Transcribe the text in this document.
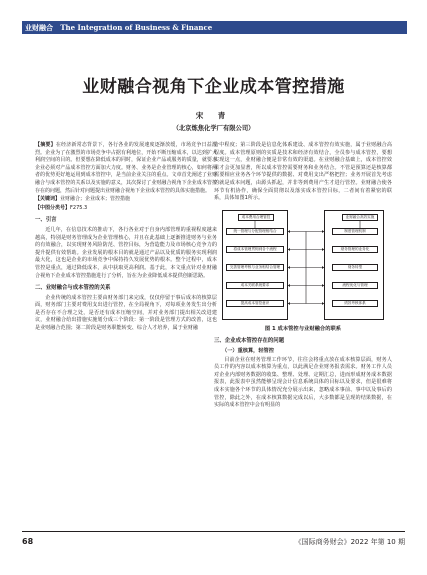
业财融合 The Integration of Business & Finance
业财融合视角下企业成本管控措施
宋 青
（北京炼焦化学厂有限公司）
【摘要】在经济新常态背景下，各行各业的发展速度逐渐放缓，市场竞争日益激烈。企业为了在激烈的市场竞争中占据有利地位，开始不断压缩成本，以达到扩大利润空间的目的。但要想在降低成本的同时，保证企业产品或服务的质量，就要求企业必须对产品成本管控方面加大力度。财务、业务是企业管理的核心，如何将两者的优势更好地运用到成本管控中，是当前企业关注的重点。文章首先阐述了业财融合与成本管控的关系以及实施的意义，其次探讨了业财融合视角下企业成本管控存在的问题，然后针对问题提出业财融合视角下企业成本管控的具体实施措施。
【关键词】业财融合；企业成本；管控措施
【中图分类号】F275.3
一、引言

近几年，在信息技术的推动下，各行各业对于自身内部管理的重视程度越来越高，特别是财务管理成为企业管理核心，并且在此基础上逐渐推进财务与业务的有效融合，以实现财务风险防范、管控目标，为营造能力及市场核心竞争力的提升提供有效帮助。企业发展的根本目的就是通过产品以及优质的服务实现利润最大化，这也是企业的市场竞争中保持持久发展优势的根本。整个过程中，成本管控是重点，通过降低成本，从中获取更高利润。基于此，本文重点针对业财融合视角下企业成本管控措施进行了分析，旨在为企业降低成本提供创新思路。

二、业财融合与成本管控的关系

企业传统的成本管控主要由财务部门来完成，仅仅停留于事后成本的核算层面，财务部门主要对费用支出进行管控，在全局视角下，对每项业务发生出分析是否存在不合理之处，是否还有成本压缩空间，并对业务部门提出相关改进建议，业财融合给出措施实施划分成三个阶段：第一阶段是管理方式的改善，这也是业财融合范围；第二阶段是财务职能转变、综合人才培养，属于业财融

合中程度；第三阶段是信息化体系建设、成本管控有效实施，属于业财融合高程度。成本管理原则的实质是技术和经济有效结合，全员参与成本管控，要想实现这一点，业财融合便是非常有效的渠道。在业财融合基础上，成本管控效果才会更加显著，所以成本管控需要财务和业务结合。不管是预算还是核算都需要相应业务各个环节提供的数据、对费用支出严格把控；业务开展首先考虑的就是成本问题，由源头抓起，并非等到费用产生才进行管控。业财融合使各环节有机协作，确保全面贯彻以及落实成本管控目标，二者间有着紧密的联系，具体如图1所示。
成本费用合理管控	业财融合高效实施
统一管理与分配管理相结合
将成本管理贯彻到各个流程
完善管理考核与业务相结合管理
成本关联系统要求
提高成本管控意识
制度管理机制
财务管理的业务化
财务转型
流程优化与管理
绩效考核体系
图 1 成本管控与业财融合的联系
三、企业成本管控存在的问题
（一）重核算，轻管控

目前企业在财务管理工作环节，往往会将重点放在成本核算层面，财务人员工作的内容以成本核算为重点，以此满足企业财务报表需求。财务工作人员对企业内部财务数据的收集、整理、处理、定期汇总，进而形成财务成本数据报表，此报表中虽然能够呈现会计信息系统具体的目标以及要求，但是很难将成本实施各个环节的具体情况充分展示出来，忽略成本事前、事中以及事后的管控，除此之外，在成本核算数据完成以后，大多数都是呈现的结果数据，在实际的成本管控中会有明显的

68	《国际商务财会》2022 年第 10 期
